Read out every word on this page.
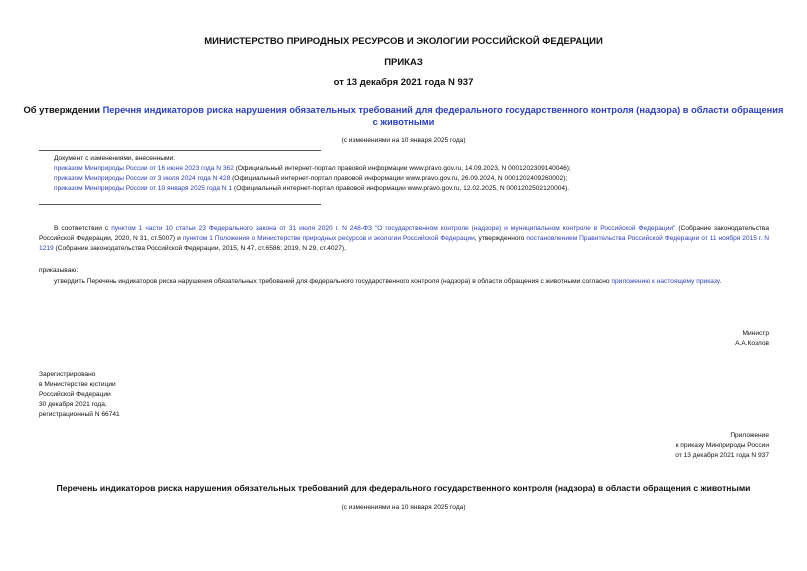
МИНИСТЕРСТВО ПРИРОДНЫХ РЕСУРСОВ И ЭКОЛОГИИ РОССИЙСКОЙ ФЕДЕРАЦИИ
ПРИКАЗ
от 13 декабря 2021 года N 937
Об утверждении Перечня индикаторов риска нарушения обязательных требований для федерального государственного контроля (надзора) в области обращения
с животными
(с изменениями на 10 января 2025 года)
Документ с изменениями, внесенными:
приказом Минприроды России от 16 июня 2023 года N 362 (Официальный интернет-портал правовой информации www.pravo.gov.ru, 14.09.2023, N 0001202309140046);
приказом Минприроды России от 3 июля 2024 года N 428 (Официальный интернет-портал правовой информации www.pravo.gov.ru, 26.09.2024, N 0001202409260002);
приказом Минприроды России от 10 января 2025 года N 1 (Официальный интернет-портал правовой информации www.pravo.gov.ru, 12.02.2025, N 0001202502120004).
В соответствии с пунктом 1 части 10 статьи 23 Федерального закона от 31 июля 2020 г. N 248-ФЗ "О государственном контроле (надзоре) и муниципальном контроле в Российской Федерации" (Собрание законодательства Российской Федерации, 2020, N 31, ст.5007) и пунктом 1 Положения о Министерстве природных ресурсов и экологии Российской Федерации, утвержденного постановлением Правительства Российской Федерации от 11 ноября 2015 г. N 1219 (Собрание законодательства Российской Федерации, 2015, N 47, ст.6586; 2019, N 29, ст.4027),
приказываю:
утвердить Перечень индикаторов риска нарушения обязательных требований для федерального государственного контроля (надзора) в области обращения с животными согласно приложению к настоящему приказу.
Министр
А.А.Козлов
Зарегистрировано
в Министерстве юстиции
Российской Федерации
30 декабря 2021 года,
регистрационный N 66741
Приложение
к приказу Минприроды России
от 13 декабря 2021 года N 937
Перечень индикаторов риска нарушения обязательных требований для федерального государственного контроля (надзора) в области обращения с животными
(с изменениями на 10 января 2025 года)
